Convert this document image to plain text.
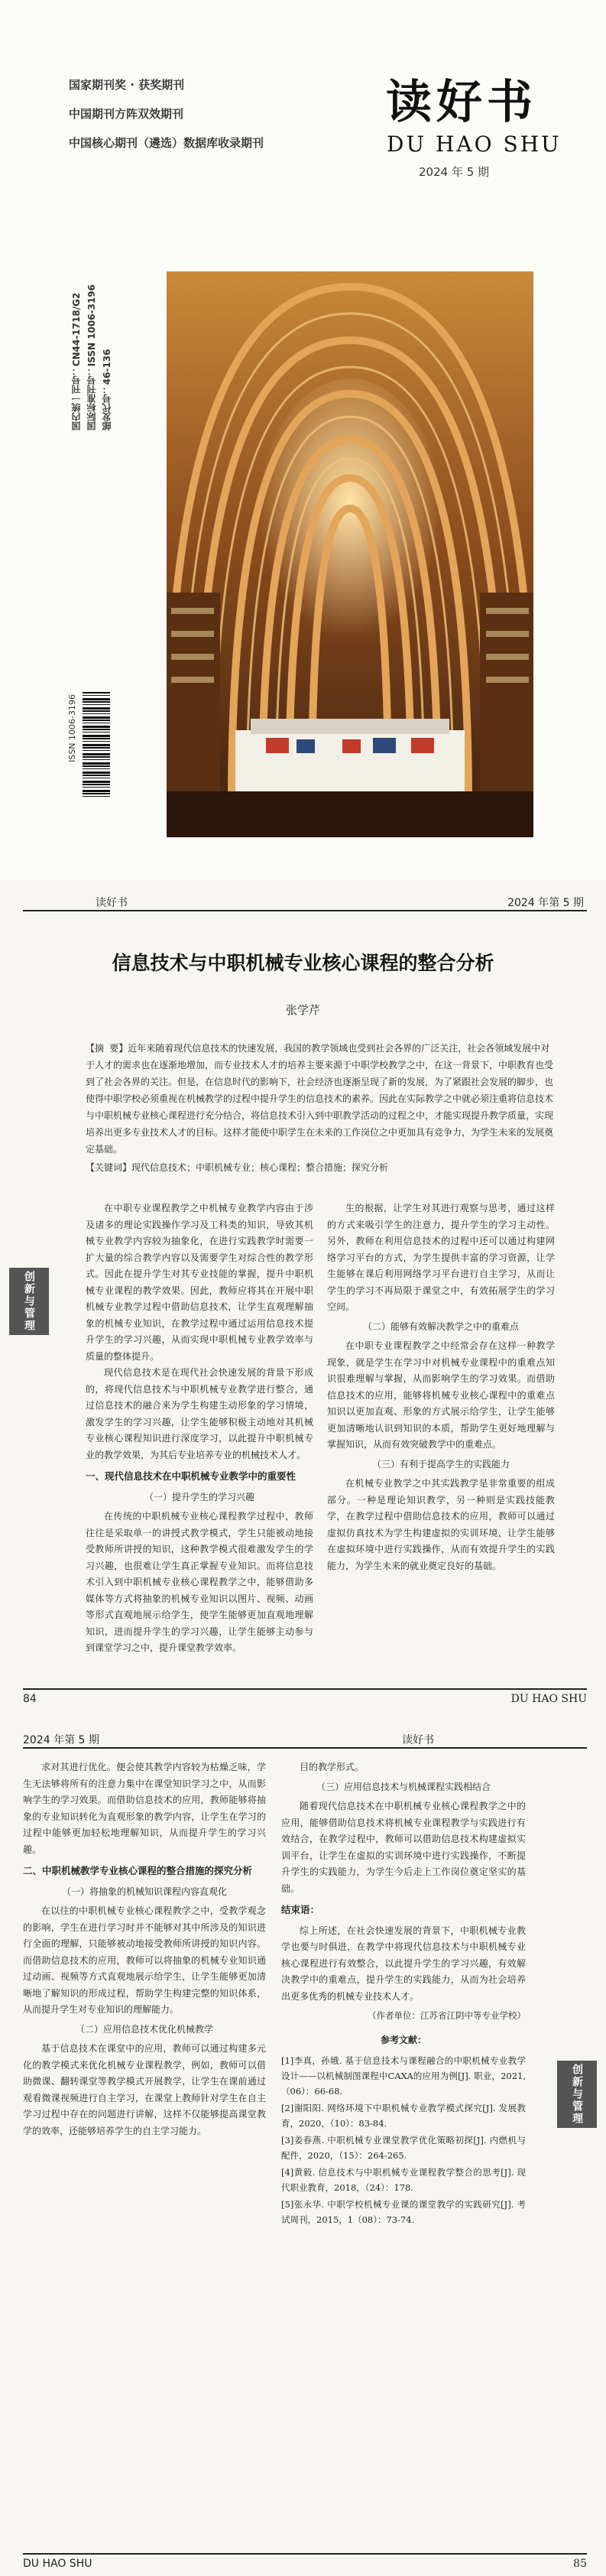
国家期刊奖 · 获奖期刊
中国期刊方阵双效期刊
中国核心期刊（遴选）数据库收录期刊
读好书
DU HAO SHU
2024 年 5 期
国内统一刊号：CN44-1718/G2 国际标准刊号：ISSN 1006-3196 邮发代号：46-136
ISSN 1006-3196
读好书	2024 年第 5 期
信息技术与中职机械专业核心课程的整合分析
张学芹
【摘 要】近年来随着现代信息技术的快速发展，我国的教学领域也受到社会各界的广泛关注，社会各领域发展中对于人才的需求也在逐渐地增加，而专业技术人才的培养主要来源于中职学校教学之中，在这一背景下，中职教育也受到了社会各界的关注。但是，在信息时代的影响下，社会经济也逐渐呈现了新的发展，为了紧跟社会发展的脚步，也使得中职学校必须重视在机械教学的过程中提升学生的信息技术的素养。因此在实际教学之中就必须注重将信息技术与中职机械专业核心课程进行充分结合，将信息技术引入到中职教学活动的过程之中，才能实现提升教学质量，实现培养出更多专业技术人才的目标。这样才能使中职学生在未来的工作岗位之中更加具有竞争力，为学生未来的发展奠定基础。
【关键词】现代信息技术；中职机械专业；核心课程；整合措施；探究分析
创新与管理

在中职专业课程教学之中机械专业教学内容由于涉及诸多的理论实践操作学习及工科类的知识，导致其机械专业教学内容较为抽象化，在进行实践教学时需要一扩大量的综合教学内容以及需要学生对综合性的教学形式。因此在提升学生对其专业技能的掌握，提升中职机械专业课程的教学效果。因此，教师应将其在开展中职机械专业教学过程中借助信息技术，让学生直观理解抽象的机械专业知识，在教学过程中通过运用信息技术提升学生的学习兴趣，从而实现中职机械专业教学效率与质量的整体提升。

现代信息技术是在现代社会快速发展的背景下形成的，将现代信息技术与中职机械专业教学进行整合，通过信息技术的融合来为学生构建生动形象的学习情境，激发学生的学习兴趣，让学生能够积极主动地对其机械专业核心课程知识进行深度学习，以此提升中职机械专业的教学效果，为其后专业培养专业的机械技术人才。

一、现代信息技术在中职机械专业教学中的重要性
（一）提升学生的学习兴趣

在传统的中职机械专业核心课程教学过程中，教师往往是采取单一的讲授式教学模式，学生只能被动地接受教师所讲授的知识，这种教学模式很难激发学生的学习兴趣，也很难让学生真正掌握专业知识。而将信息技术引入到中职机械专业核心课程教学之中，能够借助多媒体等方式将抽象的机械专业知识以图片、视频、动画等形式直观地展示给学生，使学生能够更加直观地理解知识，进而提升学生的学习兴趣，让学生能够主动参与到课堂学习之中，提升课堂教学效率。

生的根据，让学生对其进行观察与思考，通过这样的方式来吸引学生的注意力，提升学生的学习主动性。另外，教师在利用信息技术的过程中还可以通过构建网络学习平台的方式，为学生提供丰富的学习资源，让学生能够在课后利用网络学习平台进行自主学习，从而让学生的学习不再局限于课堂之中，有效拓展学生的学习空间。

（二）能够有效解决教学之中的重难点

在中职专业课程教学之中经常会存在这样一种教学现象，就是学生在学习中对机械专业课程中的重难点知识很难理解与掌握，从而影响学生的学习效果。而借助信息技术的应用，能够将机械专业核心课程中的重难点知识以更加直观、形象的方式展示给学生，让学生能够更加清晰地认识到知识的本质，帮助学生更好地理解与掌握知识，从而有效突破教学中的重难点。

（三）有利于提高学生的实践能力

在机械专业教学之中其实践教学是非常重要的组成部分。一种是理论知识教学，另一种则是实践技能教学，在教学过程中借助信息技术的应用，教师可以通过虚拟仿真技术为学生构建虚拟的实训环境，让学生能够在虚拟环境中进行实践操作，从而有效提升学生的实践能力，为学生未来的就业奠定良好的基础。

84	DU HAO SHU
2024 年第 5 期	读好书
创新与管理

求对其进行优化。便会使其教学内容较为枯燥乏味，学生无法够将所有的注意力集中在课堂知识学习之中，从而影响学生的学习效果。而借助信息技术的应用，教师能够将抽象的专业知识转化为直观形象的教学内容，让学生在学习的过程中能够更加轻松地理解知识，从而提升学生的学习兴趣。

二、中职机械教学专业核心课程的整合措施的探究分析
（一）将抽象的机械知识课程内容直观化

在以往的中职机械专业核心课程教学之中，受教学观念的影响，学生在进行学习时并不能够对其中所涉及的知识进行全面的理解，只能够被动地接受教师所讲授的知识内容。而借助信息技术的应用，教师可以将抽象的机械专业知识通过动画、视频等方式直观地展示给学生，让学生能够更加清晰地了解知识的形成过程，帮助学生构建完整的知识体系，从而提升学生对专业知识的理解能力。

（二）应用信息技术优化机械教学

基于信息技术在课堂中的应用，教师可以通过构建多元化的教学模式来优化机械专业课程教学，例如，教师可以借助微课、翻转课堂等教学模式开展教学，让学生在课前通过观看微课视频进行自主学习，在课堂上教师针对学生在自主学习过程中存在的问题进行讲解，这样不仅能够提高课堂教学的效率，还能够培养学生的自主学习能力。

目的教学形式。

（三）应用信息技术与机械课程实践相结合

随着现代信息技术在中职机械专业核心课程教学之中的应用，能够借助信息技术将机械专业课程教学与实践进行有效结合，在教学过程中，教师可以借助信息技术构建虚拟实训平台，让学生在虚拟的实训环境中进行实践操作，不断提升学生的实践能力，为学生今后走上工作岗位奠定坚实的基础。

结束语：

综上所述，在社会快速发展的背景下，中职机械专业教学也要与时俱进，在教学中将现代信息技术与中职机械专业核心课程进行有效整合，以此提升学生的学习兴趣，有效解决教学中的重难点，提升学生的实践能力，从而为社会培养出更多优秀的机械专业技术人才。

（作者单位：江苏省江阴中等专业学校）
参考文献：
[1]李真，孙娥. 基于信息技术与课程融合的中职机械专业教学设计——以机械制图课程中CAXA的应用为例[J]. 职业，2021,（06）：66-68.
[2]谢阳阳. 网络环境下中职机械专业教学模式探究[J]. 发展教育，2020，（10）：83-84.
[3]姜春燕. 中职机械专业课堂教学优化策略初探[J]. 内燃机与配件，2020，（15）：264-265.
[4]黄毅. 信息技术与中职机械专业课程教学整合的思考[J]. 现代职业教育，2018，（24）：178.
[5]张永华. 中职学校机械专业课的课堂教学的实践研究[J]. 考试周刊，2015，1（08）：73-74.
DU HAO SHU	85
